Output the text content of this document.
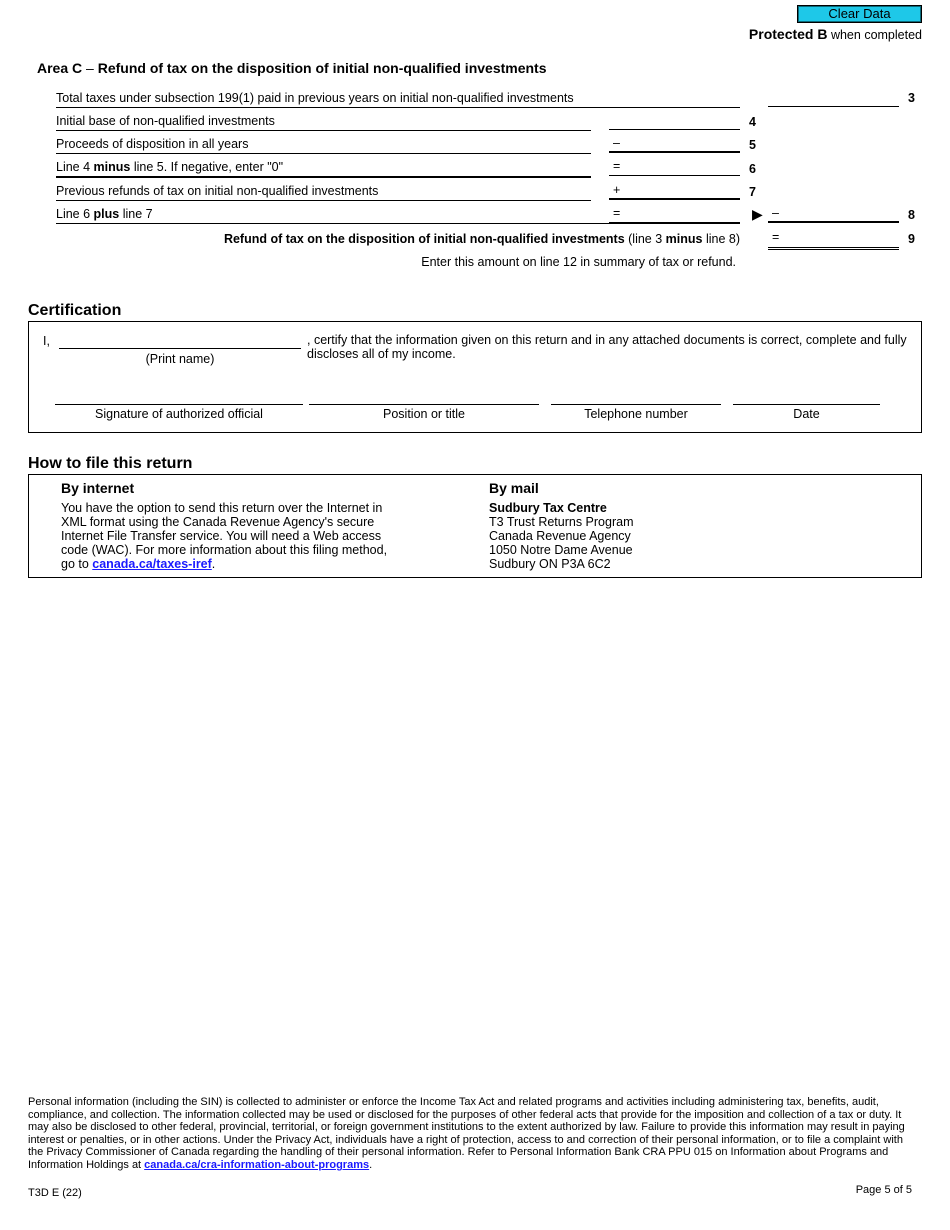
Clear Data
Protected B when completed
Area C – Refund of tax on the disposition of initial non-qualified investments
Total taxes under subsection 199(1) paid in previous years on initial non-qualified investments	3
Initial base of non-qualified investments	4
Proceeds of disposition in all years	–	5
Line 4 minus line 5. If negative, enter "0"	=	6
Previous refunds of tax on initial non-qualified investments	+	7
Line 6 plus line 7	=	▶ –	8
Refund of tax on the disposition of initial non-qualified investments (line 3 minus line 8)	=	9
Enter this amount on line 12 in summary of tax or refund.
Certification
I,
(Print name)
, certify that the information given on this return and in any attached documents is correct, complete and fully discloses all of my income.
Signature of authorized official	Position or title	Telephone number	Date
How to file this return
By internet
You have the option to send this return over the Internet in XML format using the Canada Revenue Agency's secure Internet File Transfer service. You will need a Web access code (WAC). For more information about this filing method, go to canada.ca/taxes-iref.
By mail
Sudbury Tax Centre
T3 Trust Returns Program
Canada Revenue Agency
1050 Notre Dame Avenue
Sudbury ON P3A 6C2
Personal information (including the SIN) is collected to administer or enforce the Income Tax Act and related programs and activities including administering tax, benefits, audit, compliance, and collection. The information collected may be used or disclosed for the purposes of other federal acts that provide for the imposition and collection of a tax or duty. It may also be disclosed to other federal, provincial, territorial, or foreign government institutions to the extent authorized by law. Failure to provide this information may result in paying interest or penalties, or in other actions. Under the Privacy Act, individuals have a right of protection, access to and correction of their personal information, or to file a complaint with the Privacy Commissioner of Canada regarding the handling of their personal information. Refer to Personal Information Bank CRA PPU 015 on Information about Programs and Information Holdings at canada.ca/cra-information-about-programs.
T3D E (22)	Page 5 of 5
